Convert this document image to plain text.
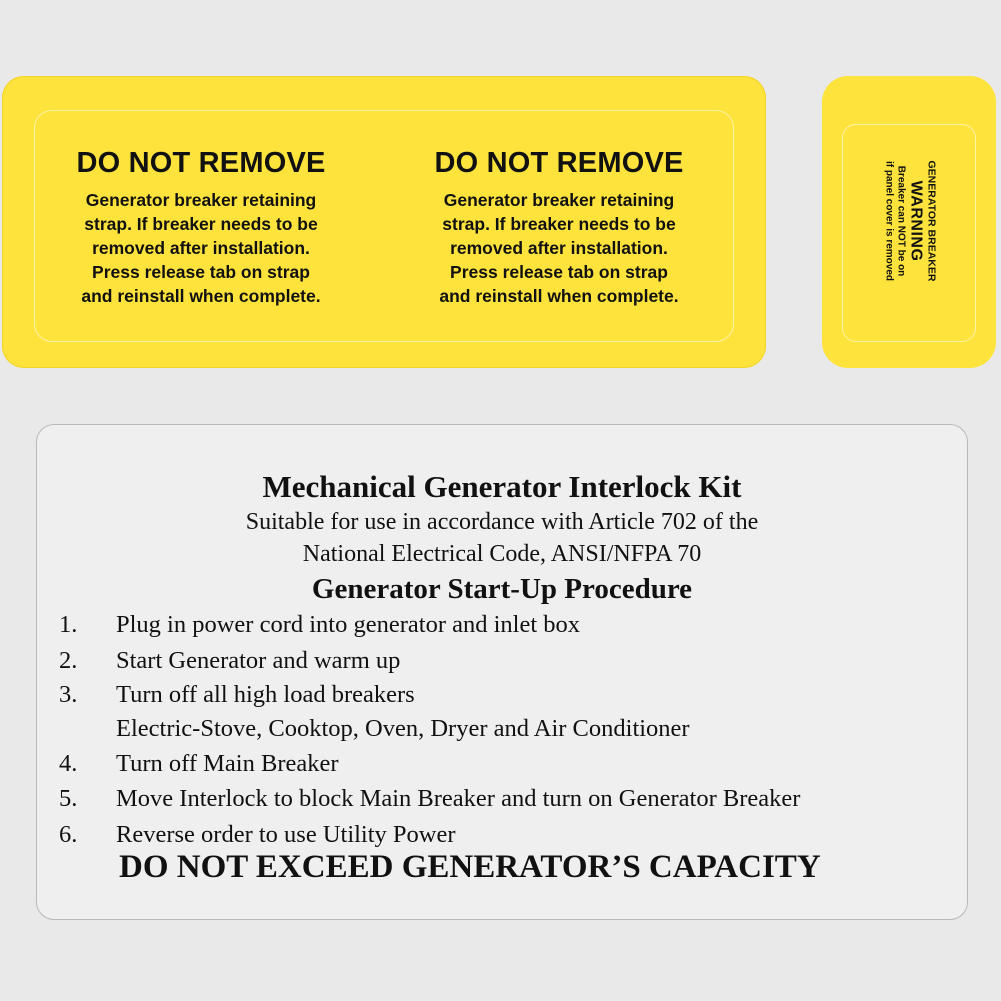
DO NOT REMOVE

Generator breaker retaining
strap. If breaker needs to be
removed after installation.
Press release tab on strap
and reinstall when complete.

DO NOT REMOVE

Generator breaker retaining
strap. If breaker needs to be
removed after installation.
Press release tab on strap
and reinstall when complete.

GENERATOR BREAKER
WARNING
Breaker can NOT be on
if panel cover is removed

Mechanical Generator Interlock Kit

Suitable for use in accordance with Article 702 of the

National Electrical Code, ANSI/NFPA 70

Generator Start-Up Procedure

1. Plug in power cord into generator and inlet box
2. Start Generator and warm up
3. Turn off all high load breakers
Electric-Stove, Cooktop, Oven, Dryer and Air Conditioner
4. Turn off Main Breaker
5. Move Interlock to block Main Breaker and turn on Generator Breaker
6. Reverse order to use Utility Power

DO NOT EXCEED GENERATOR’S CAPACITY
